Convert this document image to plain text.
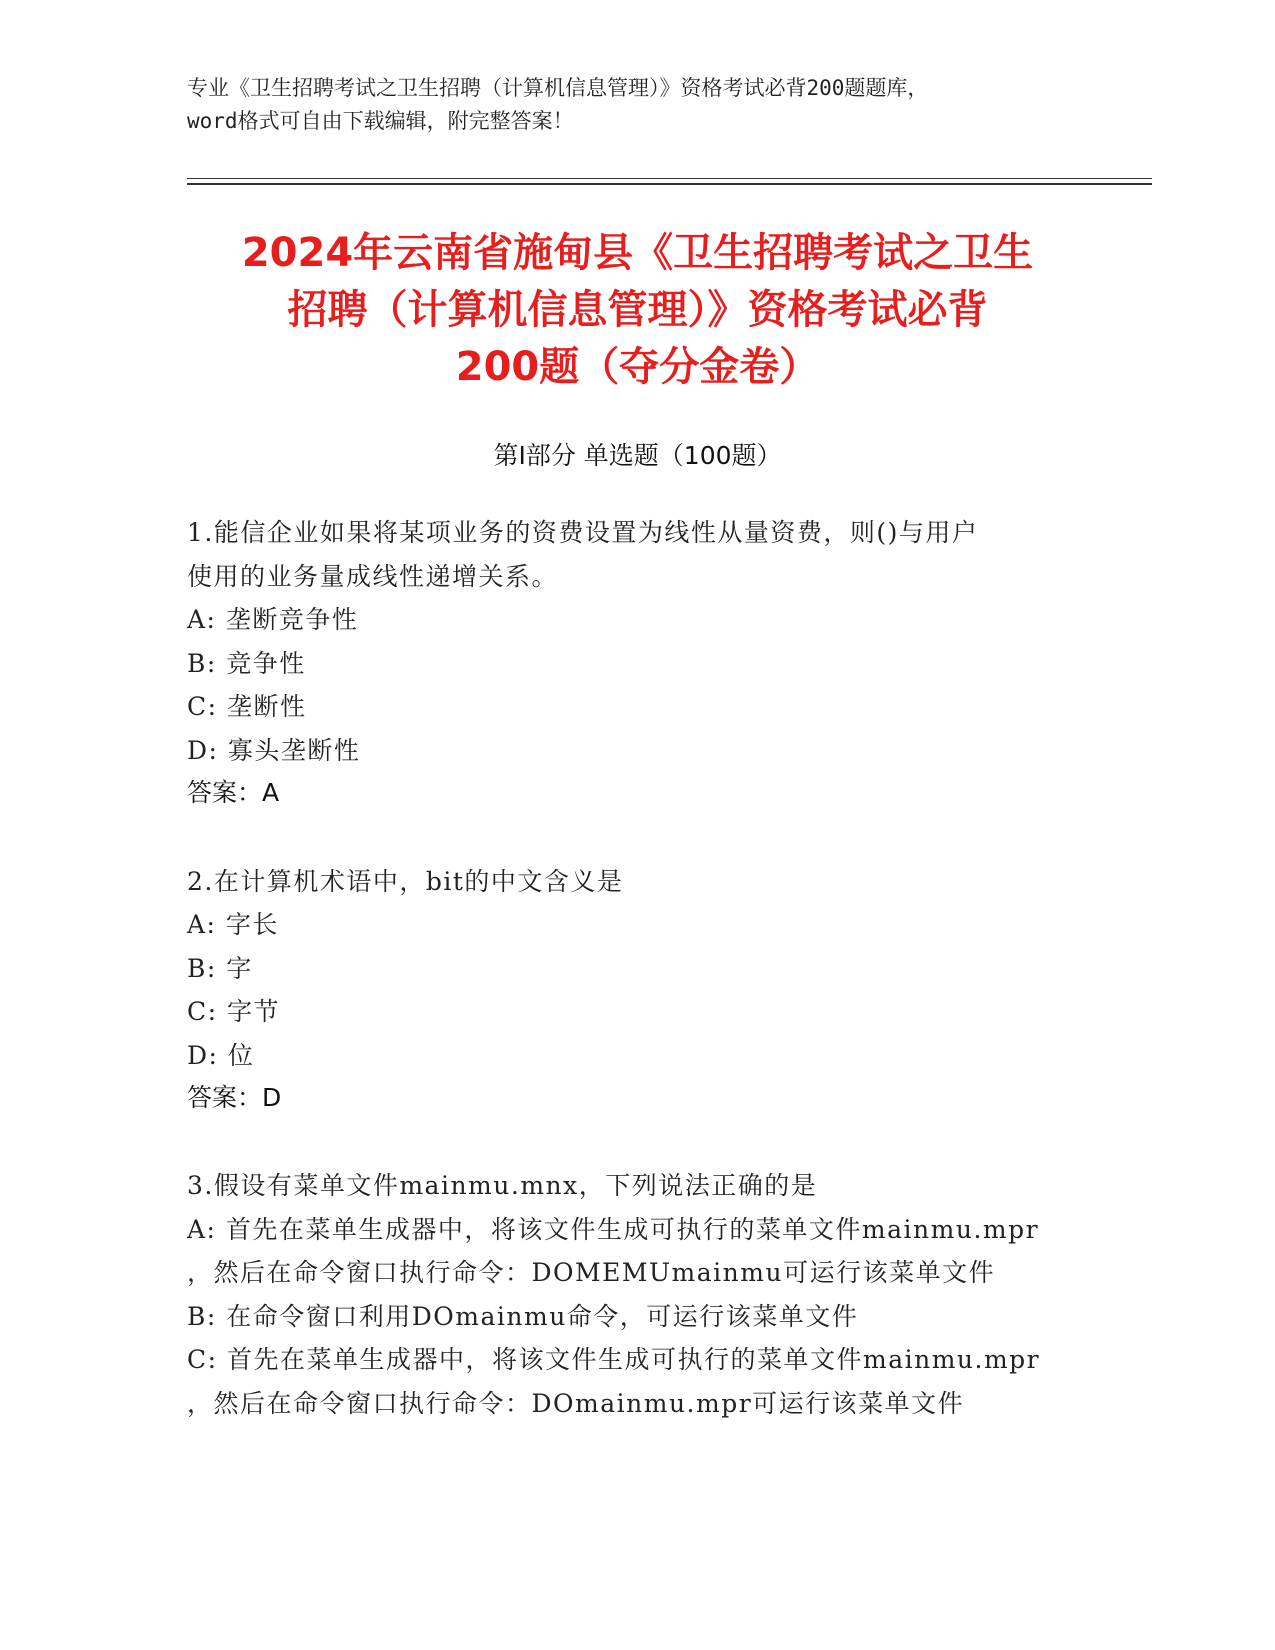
专业《卫生招聘考试之卫生招聘（计算机信息管理）》资格考试必背200题题库，
word格式可自由下载编辑，附完整答案！
2024年云南省施甸县《卫生招聘考试之卫生
招聘（计算机信息管理）》资格考试必背
200题（夺分金卷）
第Ⅰ部分 单选题（100题）
1.能信企业如果将某项业务的资费设置为线性从量资费，则()与用户
使用的业务量成线性递增关系。
A: 垄断竞争性
B: 竞争性
C: 垄断性
D: 寡头垄断性
答案：A
2.在计算机术语中，bit的中文含义是
A: 字长
B: 字
C: 字节
D: 位
答案：D
3.假设有菜单文件mainmu.mnx，下列说法正确的是
A: 首先在菜单生成器中，将该文件生成可执行的菜单文件mainmu.mpr
，然后在命令窗口执行命令：DOMEMUmainmu可运行该菜单文件
B: 在命令窗口利用DOmainmu命令，可运行该菜单文件
C: 首先在菜单生成器中，将该文件生成可执行的菜单文件mainmu.mpr
，然后在命令窗口执行命令：DOmainmu.mpr可运行该菜单文件
